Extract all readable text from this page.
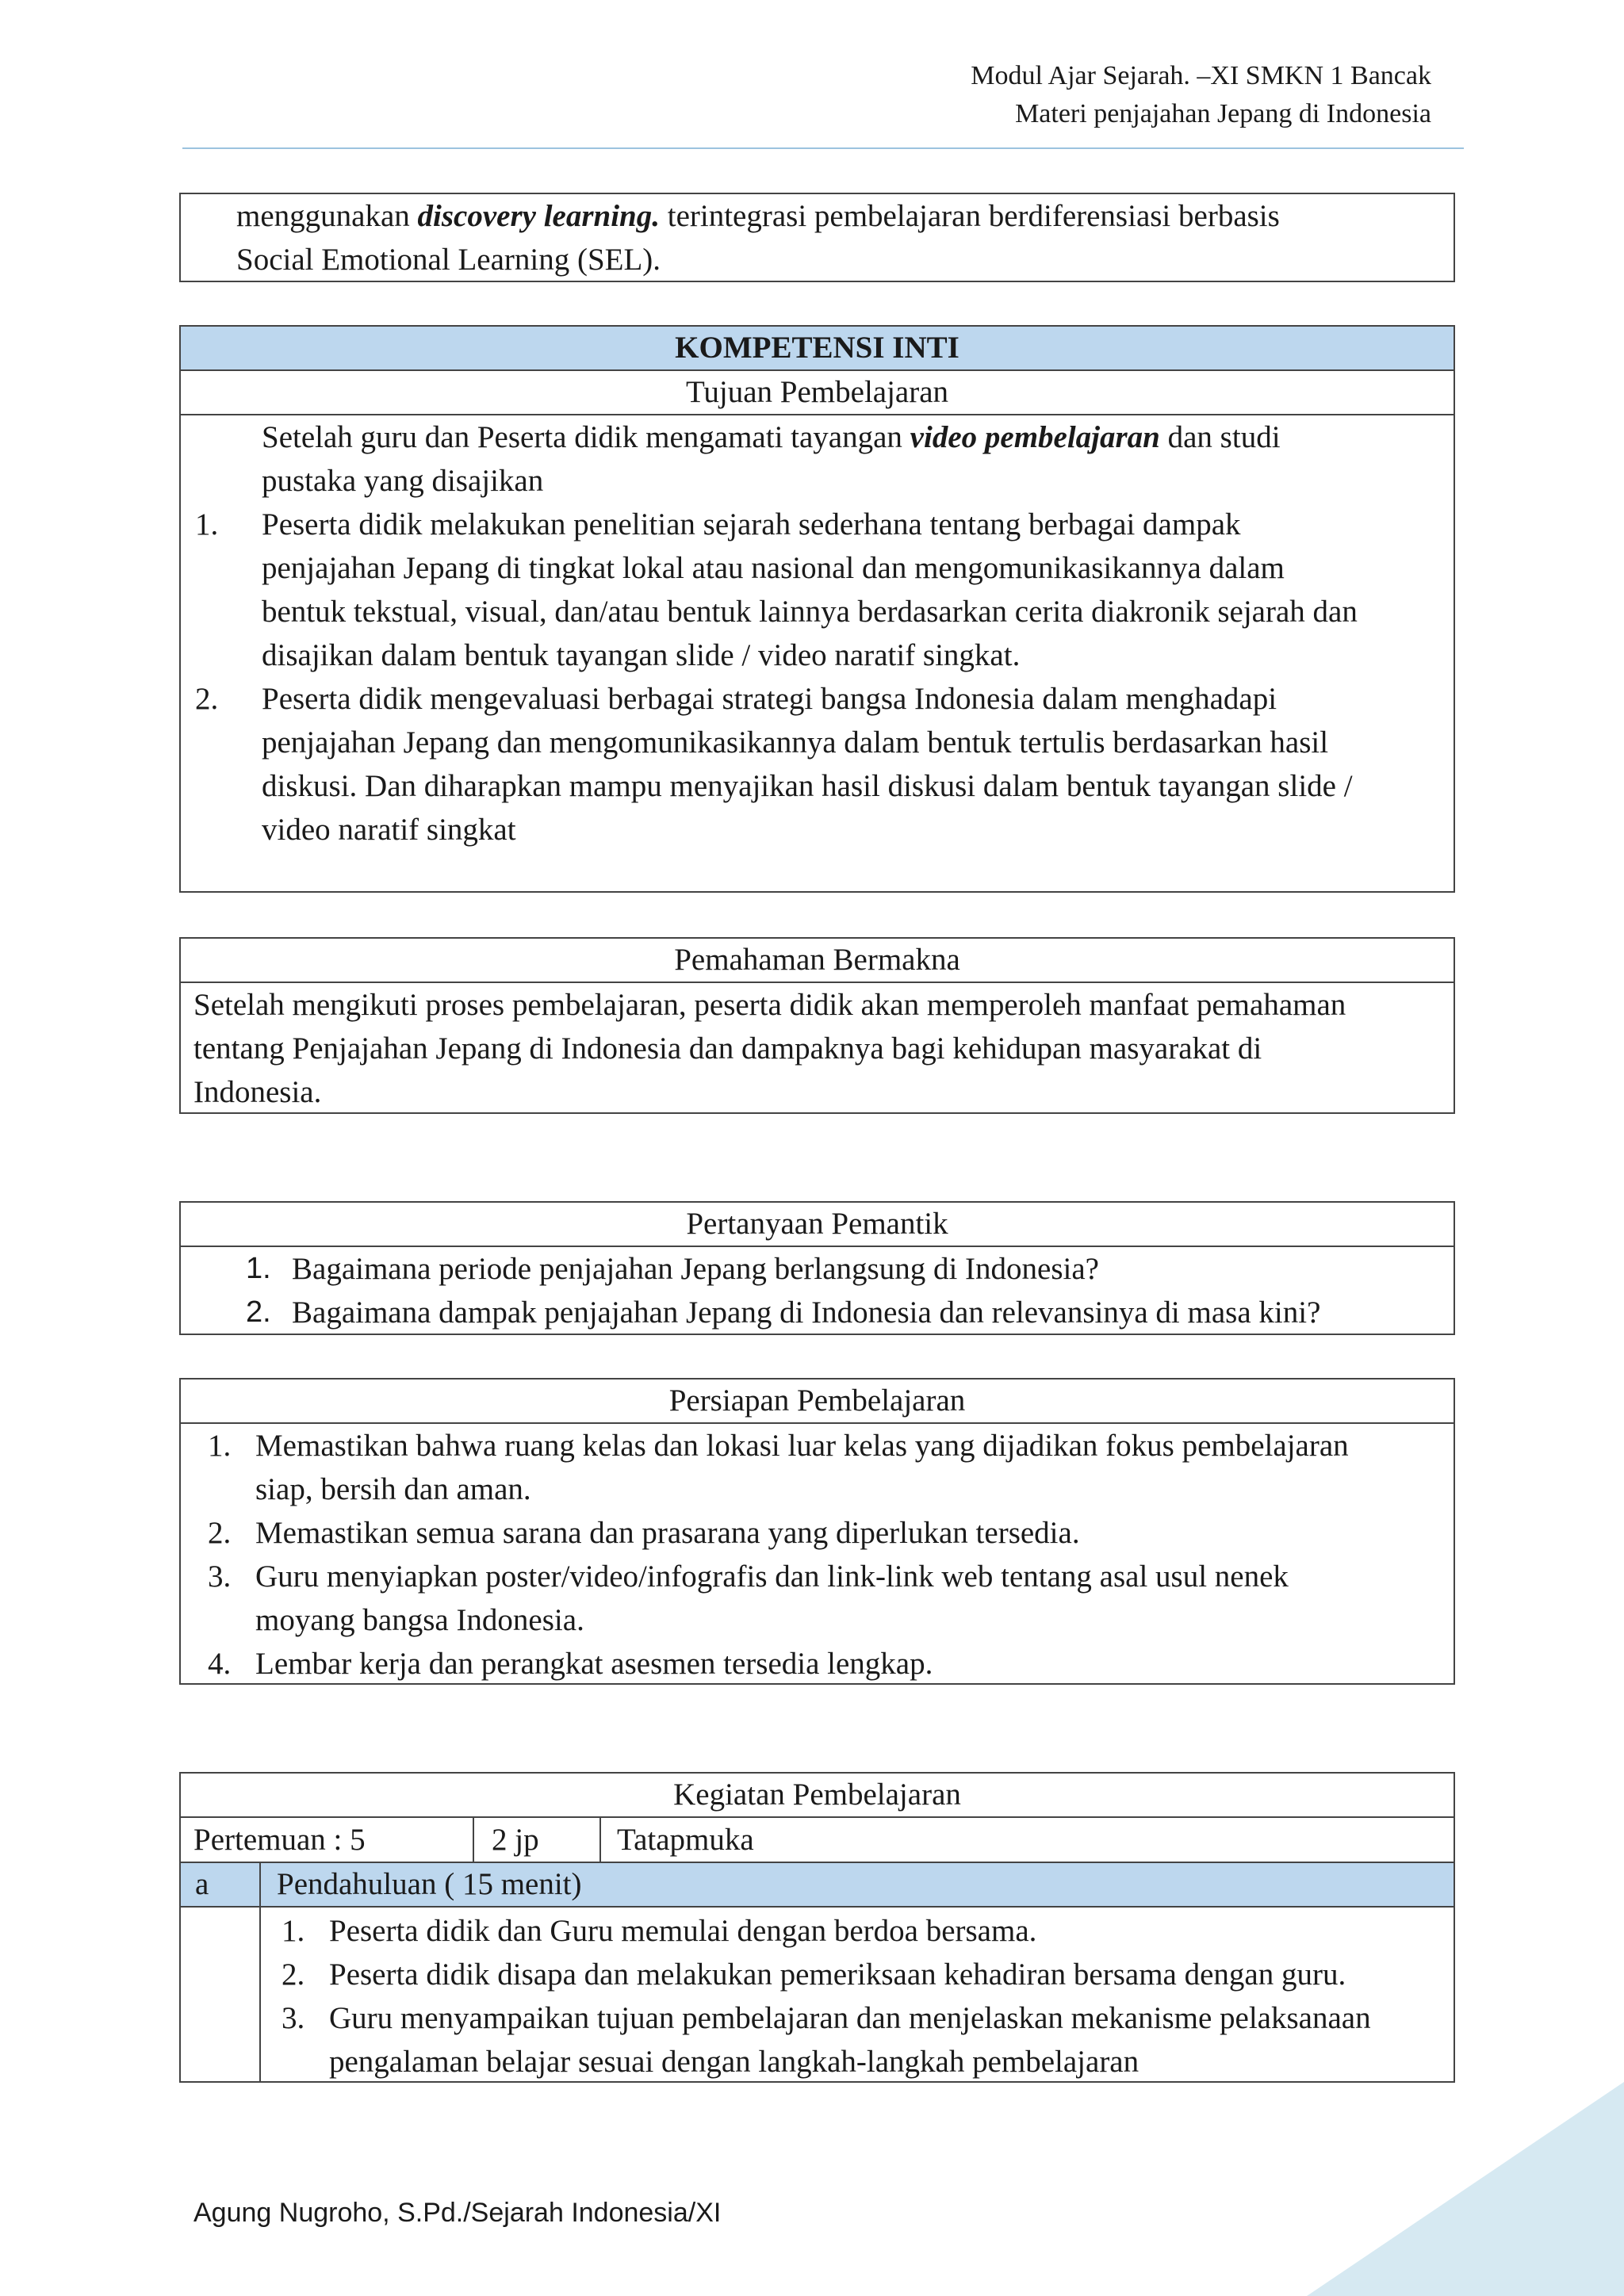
Modul Ajar Sejarah. –XI SMKN 1 Bancak
Materi penjajahan Jepang di Indonesia

menggunakan discovery learning. terintegrasi pembelajaran berdiferensiasi berbasis

Social Emotional Learning (SEL).

KOMPETENSI INTI
Tujuan Pembelajaran
Setelah guru dan Peserta didik mengamati tayangan video pembelajaran dan studi
pustaka yang disajikan
1. Peserta didik melakukan penelitian sejarah sederhana tentang berbagai dampak
penjajahan Jepang di tingkat lokal atau nasional dan mengomunikasikannya dalam
bentuk tekstual, visual, dan/atau bentuk lainnya berdasarkan cerita diakronik sejarah dan
disajikan dalam bentuk tayangan slide / video naratif singkat.
2. Peserta didik mengevaluasi berbagai strategi bangsa Indonesia dalam menghadapi
penjajahan Jepang dan mengomunikasikannya dalam bentuk tertulis berdasarkan hasil
diskusi. Dan diharapkan mampu menyajikan hasil diskusi dalam bentuk tayangan slide /
video naratif singkat
Pemahaman Bermakna
Setelah mengikuti proses pembelajaran, peserta didik akan memperoleh manfaat pemahaman
tentang Penjajahan Jepang di Indonesia dan dampaknya bagi kehidupan masyarakat di
Indonesia.
Pertanyaan Pemantik
1. Bagaimana periode penjajahan Jepang berlangsung di Indonesia?
2. Bagaimana dampak penjajahan Jepang di Indonesia dan relevansinya di masa kini?
Persiapan Pembelajaran
1. Memastikan bahwa ruang kelas dan lokasi luar kelas yang dijadikan fokus pembelajaran
siap, bersih dan aman.
2. Memastikan semua sarana dan prasarana yang diperlukan tersedia.
3. Guru menyiapkan poster/video/infografis dan link-link web tentang asal usul nenek
moyang bangsa Indonesia.
4. Lembar kerja dan perangkat asesmen tersedia lengkap.
Kegiatan Pembelajaran
Pertemuan : 5	2 jp	Tatapmuka
a	Pendahuluan ( 15 menit)
1. Peserta didik dan Guru memulai dengan berdoa bersama.
2. Peserta didik disapa dan melakukan pemeriksaan kehadiran bersama dengan guru.
3. Guru menyampaikan tujuan pembelajaran dan menjelaskan mekanisme pelaksanaan
pengalaman belajar sesuai dengan langkah-langkah pembelajaran
Agung Nugroho, S.Pd./Sejarah Indonesia/XI
